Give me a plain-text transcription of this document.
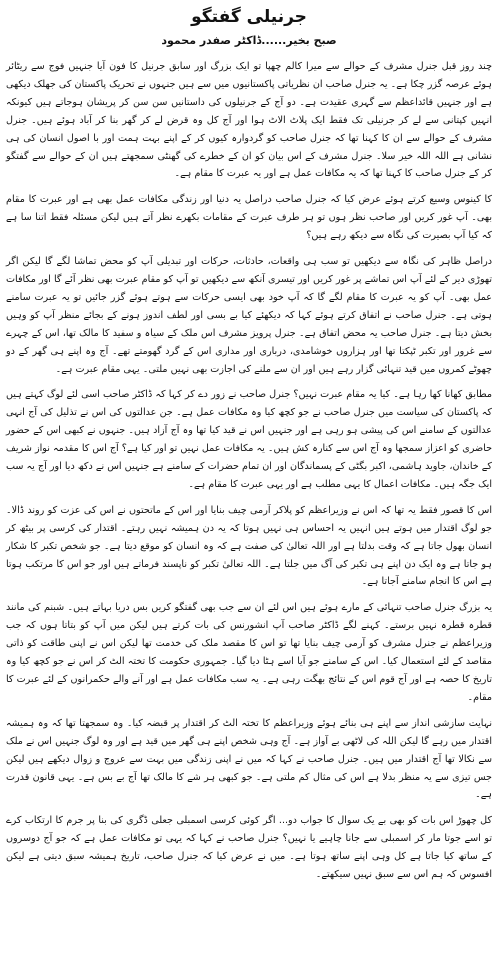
جرنیلی گفتگو
صبح بخیر......ڈاکٹر صفدر محمود

چند روز قبل جنرل مشرف کے حوالے سے میرا کالم چھپا تو ایک بزرگ اور سابق جرنیل کا فون آیا جنہیں فوج سے ریٹائر ہوئے عرصہ گزر چکا ہے۔ یہ جنرل صاحب ان نظریاتی پاکستانیوں میں سے ہیں جنہوں نے تحریک پاکستان کی جھلک دیکھی ہے اور جنہیں قائداعظم سے گہری عقیدت ہے۔ دو آج کے جرنیلوں کی داستانیں سن سن کر پریشان ہوجاتے ہیں کیونکہ انہیں کپتانی سے لے کر جرنیلی تک فقط ایک پلاٹ الاٹ ہوا اور آج کل وہ قرض لے کر گھر بنا کر آباد ہوئے ہیں۔ جنرل مشرف کے حوالے سے ان کا کہنا تھا کہ جنرل صاحب کو گردوارہ کیوں کر کے اپنے بہت ہمت اور با اصول انسان کی ہی نشانی ہے اللہ اللہ خیر سلا۔ جنرل مشرف کے اس بیان کو ان کے خطرے کی گھنٹی سمجھتے ہیں ان کے حوالے سے گفتگو کر کے جنرل صاحب کا کہنا تھا کہ یہ مکافات عمل ہے اور یہ عبرت کا مقام ہے۔

کا کینوس وسیع کرتے ہوئے عرض کیا کہ جنرل صاحب دراصل یہ دنیا اور زندگی مکافات عمل بھی ہے اور عبرت کا مقام بھی۔ آپ غور کریں اور صاحب نظر ہوں تو ہر طرف عبرت کے مقامات بکھرے نظر آتے ہیں لیکن مسئلہ فقط اتنا سا ہے کہ کیا آپ بصیرت کی نگاہ سے دیکھ رہے ہیں؟

دراصل ظاہر کی نگاہ سے دیکھیں تو سب ہی واقعات، حادثات، حرکات اور تبدیلی آپ کو محض تماشا لگے گا لیکن اگر تھوڑی دیر کے لئے آپ اس تماشے پر غور کریں اور تیسری آنکھ سے دیکھیں تو آپ کو مقام عبرت بھی نظر آئے گا اور مکافات عمل بھی۔ آپ کو یہ عبرت کا مقام لگے گا کہ آپ خود بھی ایسی حرکات سے ہوتے ہوئے گزر جائیں تو یہ عبرت سامنے ہوتی ہے۔ جنرل صاحب نے اتفاق کرتے ہوئے کہا کہ دیکھئے کیا بے بسی اور لطف اندوز ہونے کے بجائے منظر آپ کو وہیں بخش دیتا ہے۔ جنرل صاحب یہ محض اتفاق ہے۔ جنرل پرویز مشرف اس ملک کے سیاہ و سفید کا مالک تھا، اس کے چہرے سے غرور اور تکبر ٹپکتا تھا اور ہزاروں خوشامدی، درباری اور مداری اس کے گرد گھومتے تھے۔ آج وہ اپنے ہی گھر کے دو چھوٹے کمروں میں قید تنہائی گزار رہے ہیں اور ان سے ملنے کی اجازت بھی نہیں ملتی۔ یہی مقام عبرت ہے۔

مطابق کھانا کھا رہا ہے۔ کیا یہ مقام عبرت نہیں؟ جنرل صاحب نے زور دے کر کہا کہ ڈاکٹر صاحب اسی لئے لوگ کہتے ہیں کہ پاکستان کی سیاست میں جنرل صاحب نے جو کچھ کیا وہ مکافات عمل ہے۔ جن عدالتوں کی اس نے تذلیل کی آج انہی عدالتوں کے سامنے اس کی پیشی ہو رہی ہے اور جنہیں اس نے قید کیا تھا وہ آج آزاد ہیں۔ جنہوں نے کبھی اس کے حضور حاضری کو اعزاز سمجھا وہ آج اس سے کنارہ کش ہیں۔ یہ مکافات عمل نہیں تو اور کیا ہے؟ آج اس کا مقدمہ نواز شریف کے خاندان، جاوید ہاشمی، اکبر بگٹی کے پسماندگان اور ان تمام حضرات کے سامنے ہے جنہیں اس نے دکھ دیا اور آج یہ سب ایک جگہ ہیں۔ مکافات اعمال کا یہی مطلب ہے اور یہی عبرت کا مقام ہے۔

اس کا قصور فقط یہ تھا کہ اس نے وزیراعظم کو پلاکر آرمی چیف بنایا اور اس کے ماتحتوں نے اس کی عزت کو روند ڈالا۔ جو لوگ اقتدار میں ہوتے ہیں انہیں یہ احساس ہی نہیں ہوتا کہ یہ دن ہمیشہ نہیں رہتے۔ اقتدار کی کرسی پر بیٹھ کر انسان بھول جاتا ہے کہ وقت بدلتا ہے اور اللہ تعالیٰ کی صفت ہے کہ وہ انسان کو موقع دیتا ہے۔ جو شخص تکبر کا شکار ہو جاتا ہے وہ ایک دن اپنے ہی تکبر کی آگ میں جلتا ہے۔ اللہ تعالیٰ تکبر کو ناپسند فرماتے ہیں اور جو اس کا مرتکب ہوتا ہے اس کا انجام سامنے آجاتا ہے۔

یہ بزرگ جنرل صاحب تنہائی کے مارے ہوئے ہیں اس لئے ان سے جب بھی گفتگو کریں بس دریا بہاتے ہیں۔ شبنم کی مانند قطرہ قطرہ نہیں برستے۔ کہنے لگے ڈاکٹر صاحب آپ انشورنس کی بات کرتے ہیں لیکن میں آپ کو بتاتا ہوں کہ جب وزیراعظم نے جنرل مشرف کو آرمی چیف بنایا تھا تو اس کا مقصد ملک کی خدمت تھا لیکن اس نے اپنی طاقت کو ذاتی مقاصد کے لئے استعمال کیا۔ اس کے سامنے جو آیا اسے ہٹا دیا گیا۔ جمہوری حکومت کا تختہ الٹ کر اس نے جو کچھ کیا وہ تاریخ کا حصہ ہے اور آج قوم اس کے نتائج بھگت رہی ہے۔ یہ سب مکافات عمل ہے اور آنے والے حکمرانوں کے لئے عبرت کا مقام۔

نہایت سازشی انداز سے اپنے ہی بنائے ہوئے وزیراعظم کا تختہ الٹ کر اقتدار پر قبضہ کیا۔ وہ سمجھتا تھا کہ وہ ہمیشہ اقتدار میں رہے گا لیکن اللہ کی لاٹھی بے آواز ہے۔ آج وہی شخص اپنے ہی گھر میں قید ہے اور وہ لوگ جنہیں اس نے ملک سے نکالا تھا آج اقتدار میں ہیں۔ جنرل صاحب نے کہا کہ میں نے اپنی زندگی میں بہت سے عروج و زوال دیکھے ہیں لیکن جس تیزی سے یہ منظر بدلا ہے اس کی مثال کم ملتی ہے۔ جو کبھی ہر شے کا مالک تھا آج بے بس ہے۔ یہی قانون قدرت ہے۔

کل چھوڑ اس بات کو بھی بے یک سوال کا جواب دو... اگر کوئی کرسی اسمبلی جعلی ڈگری کی بنا پر جرم کا ارتکاب کرے تو اسے جوتا مار کر اسمبلی سے جانا چاہیے یا نہیں؟ جنرل صاحب نے کہا کہ یہی تو مکافات عمل ہے کہ جو آج دوسروں کے ساتھ کیا جاتا ہے کل وہی اپنے ساتھ ہوتا ہے۔ میں نے عرض کیا کہ جنرل صاحب، تاریخ ہمیشہ سبق دیتی ہے لیکن افسوس کہ ہم اس سے سبق نہیں سیکھتے۔
